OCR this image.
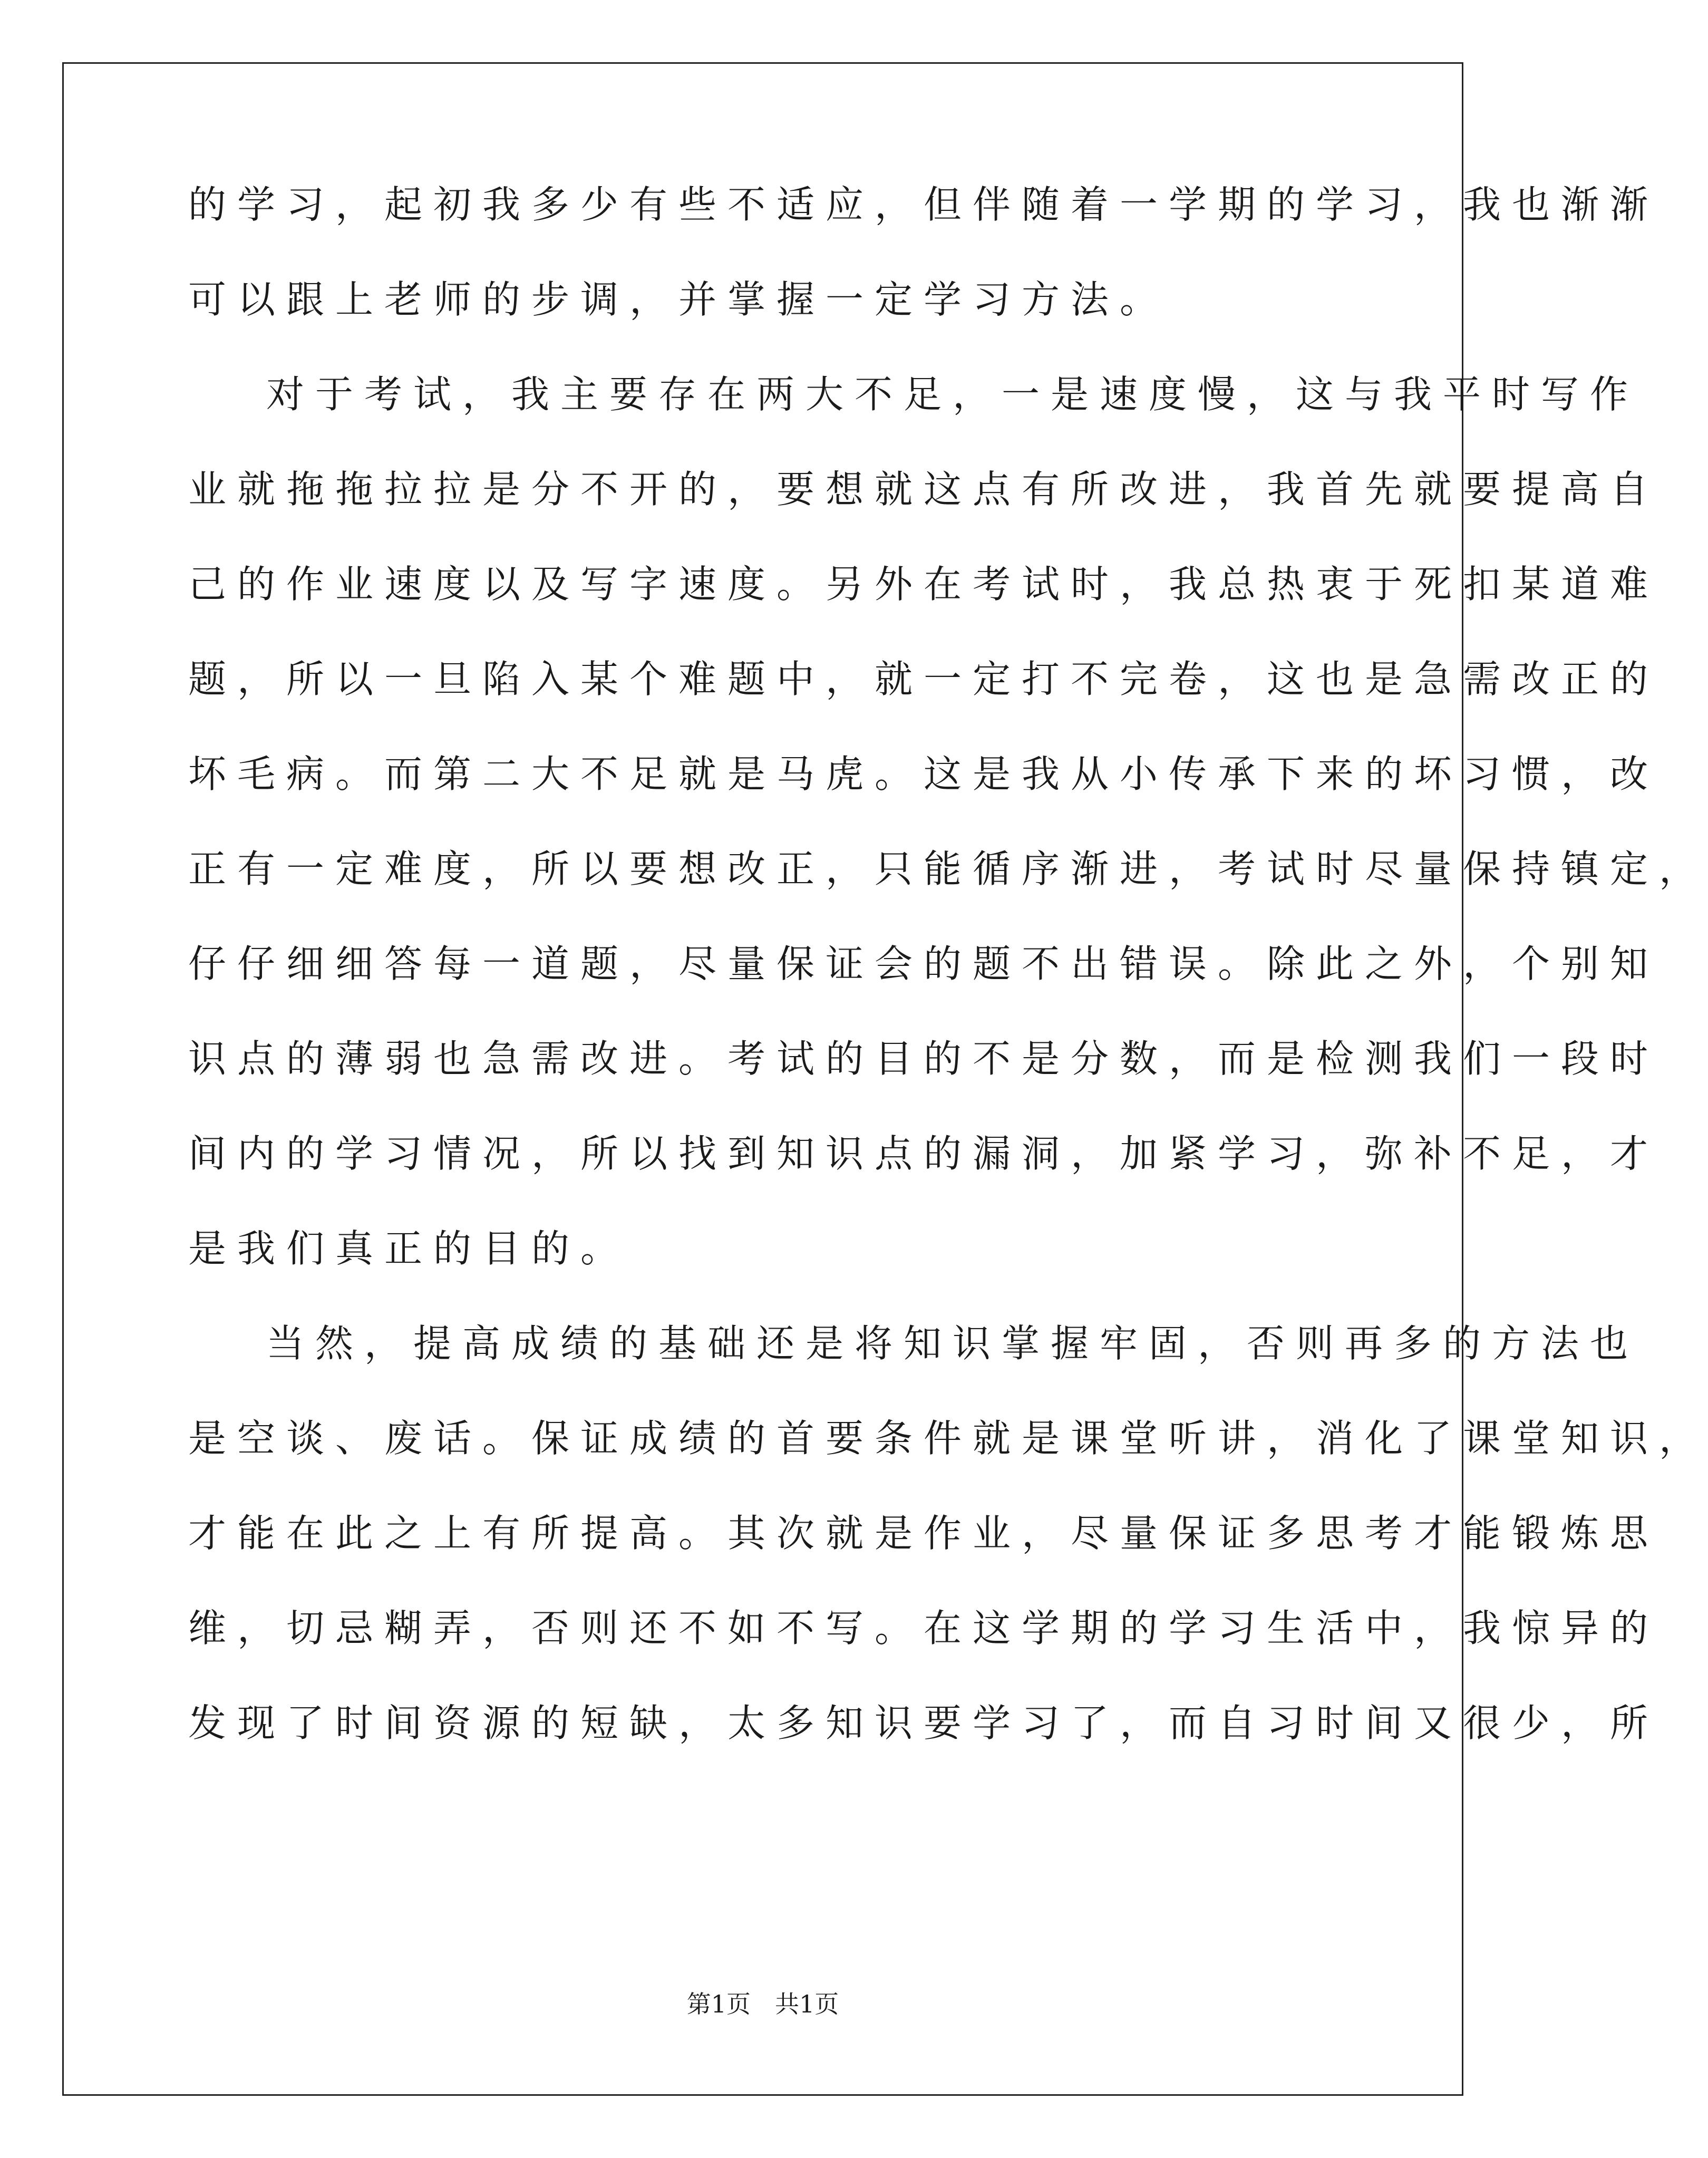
的学习，起初我多少有些不适应，但伴随着一学期的学习，我也渐渐
可以跟上老师的步调，并掌握一定学习方法。
对于考试，我主要存在两大不足，一是速度慢，这与我平时写作
业就拖拖拉拉是分不开的，要想就这点有所改进，我首先就要提高自
己的作业速度以及写字速度。另外在考试时，我总热衷于死扣某道难
题，所以一旦陷入某个难题中，就一定打不完卷，这也是急需改正的
坏毛病。而第二大不足就是马虎。这是我从小传承下来的坏习惯，改
正有一定难度，所以要想改正，只能循序渐进，考试时尽量保持镇定，
仔仔细细答每一道题，尽量保证会的题不出错误。除此之外，个别知
识点的薄弱也急需改进。考试的目的不是分数，而是检测我们一段时
间内的学习情况，所以找到知识点的漏洞，加紧学习，弥补不足，才
是我们真正的目的。
当然，提高成绩的基础还是将知识掌握牢固，否则再多的方法也
是空谈、废话。保证成绩的首要条件就是课堂听讲，消化了课堂知识，
才能在此之上有所提高。其次就是作业，尽量保证多思考才能锻炼思
维，切忌糊弄，否则还不如不写。在这学期的学习生活中，我惊异的
发现了时间资源的短缺，太多知识要学习了，而自习时间又很少，所
第1页　共1页
